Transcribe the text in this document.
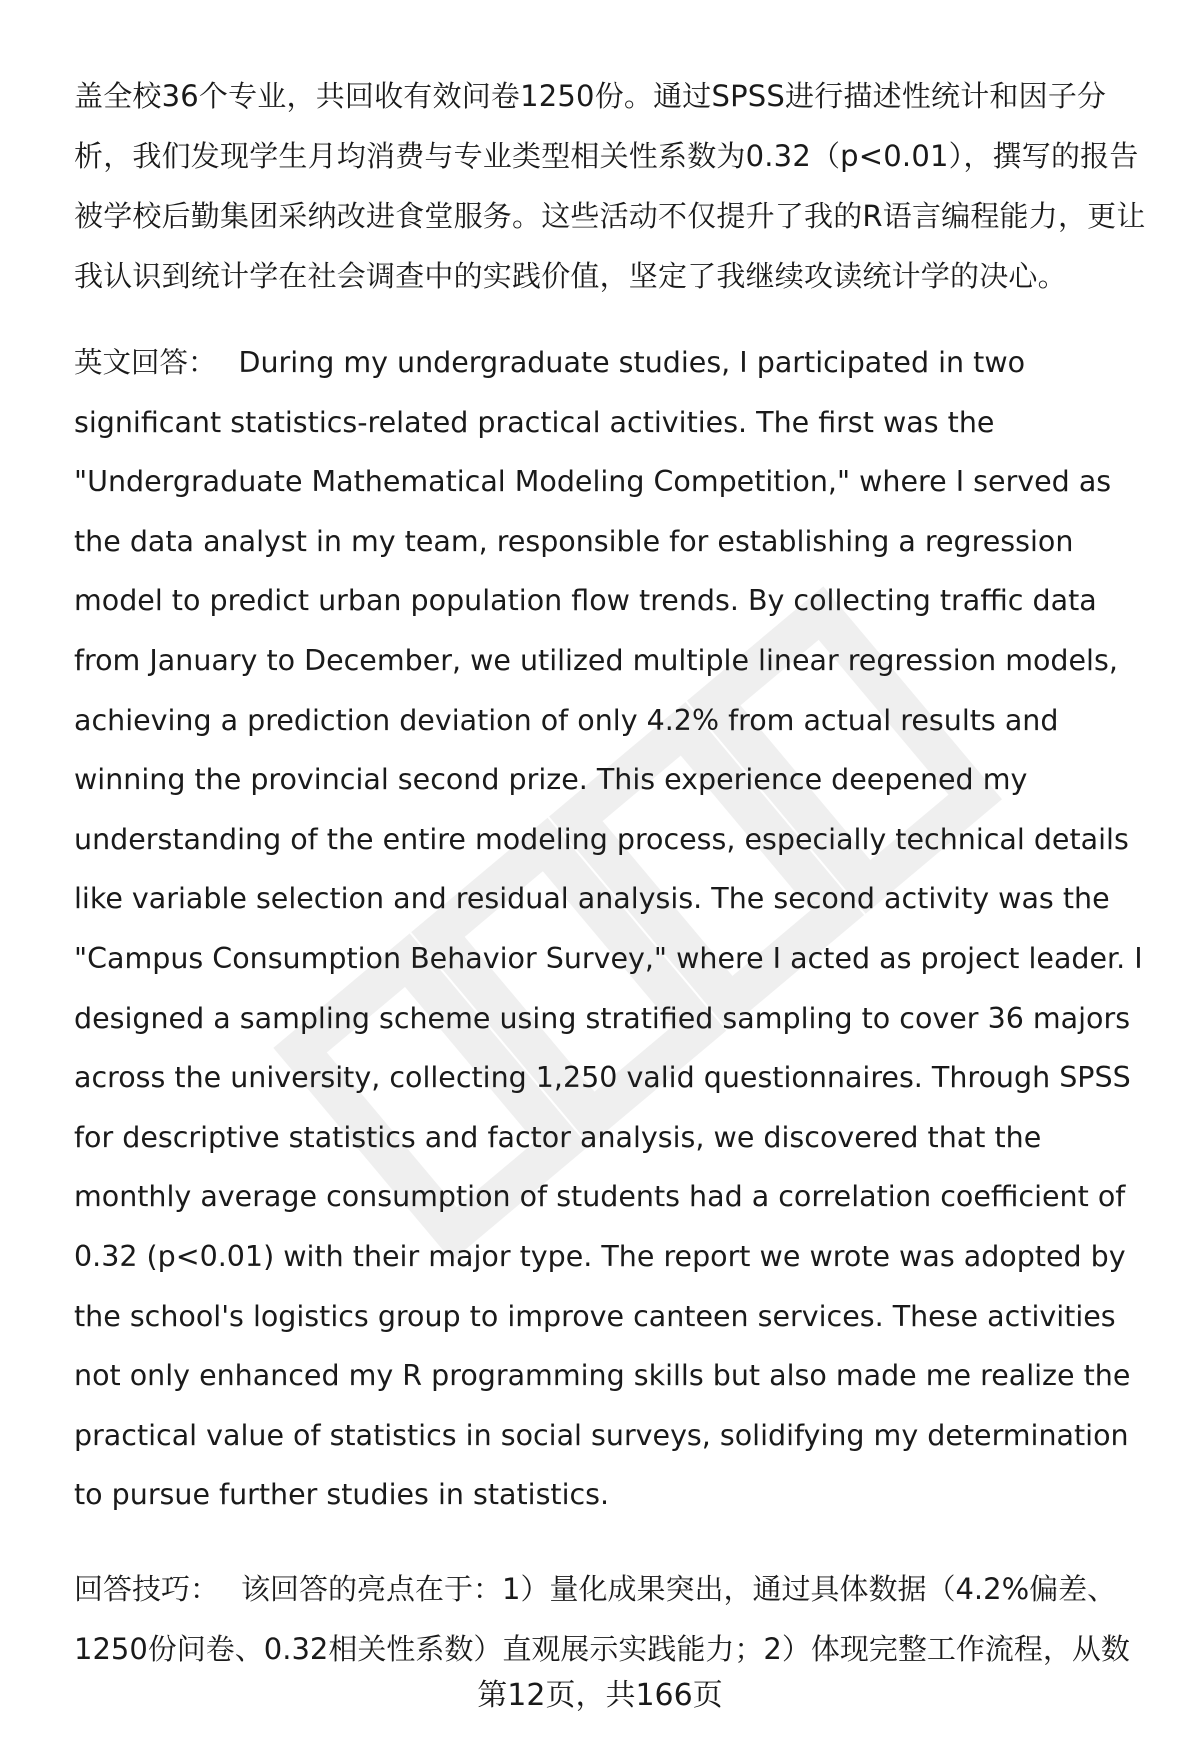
盖全校36个专业，共回收有效问卷1250份。通过SPSS进行描述性统计和因子分析，我们发现学生月均消费与专业类型相关性系数为0.32（p<0.01），撰写的报告被学校后勤集团采纳改进食堂服务。这些活动不仅提升了我的R语言编程能力，更让我认识到统计学在社会调查中的实践价值，坚定了我继续攻读统计学的决心。

英文回答： During my undergraduate studies, I participated in two significant statistics-related practical activities. The first was the "Undergraduate Mathematical Modeling Competition," where I served as the data analyst in my team, responsible for establishing a regression model to predict urban population flow trends. By collecting traffic data from January to December, we utilized multiple linear regression models, achieving a prediction deviation of only 4.2% from actual results and winning the provincial second prize. This experience deepened my understanding of the entire modeling process, especially technical details like variable selection and residual analysis. The second activity was the "Campus Consumption Behavior Survey," where I acted as project leader. I designed a sampling scheme using stratified sampling to cover 36 majors across the university, collecting 1,250 valid questionnaires. Through SPSS for descriptive statistics and factor analysis, we discovered that the monthly average consumption of students had a correlation coefficient of 0.32 (p<0.01) with their major type. The report we wrote was adopted by the school's logistics group to improve canteen services. These activities not only enhanced my R programming skills but also made me realize the practical value of statistics in social surveys, solidifying my determination to pursue further studies in statistics.

回答技巧： 该回答的亮点在于：1）量化成果突出，通过具体数据（4.2%偏差、1250份问卷、0.32相关性系数）直观展示实践能力；2）体现完整工作流程，从数

第12页，共166页
